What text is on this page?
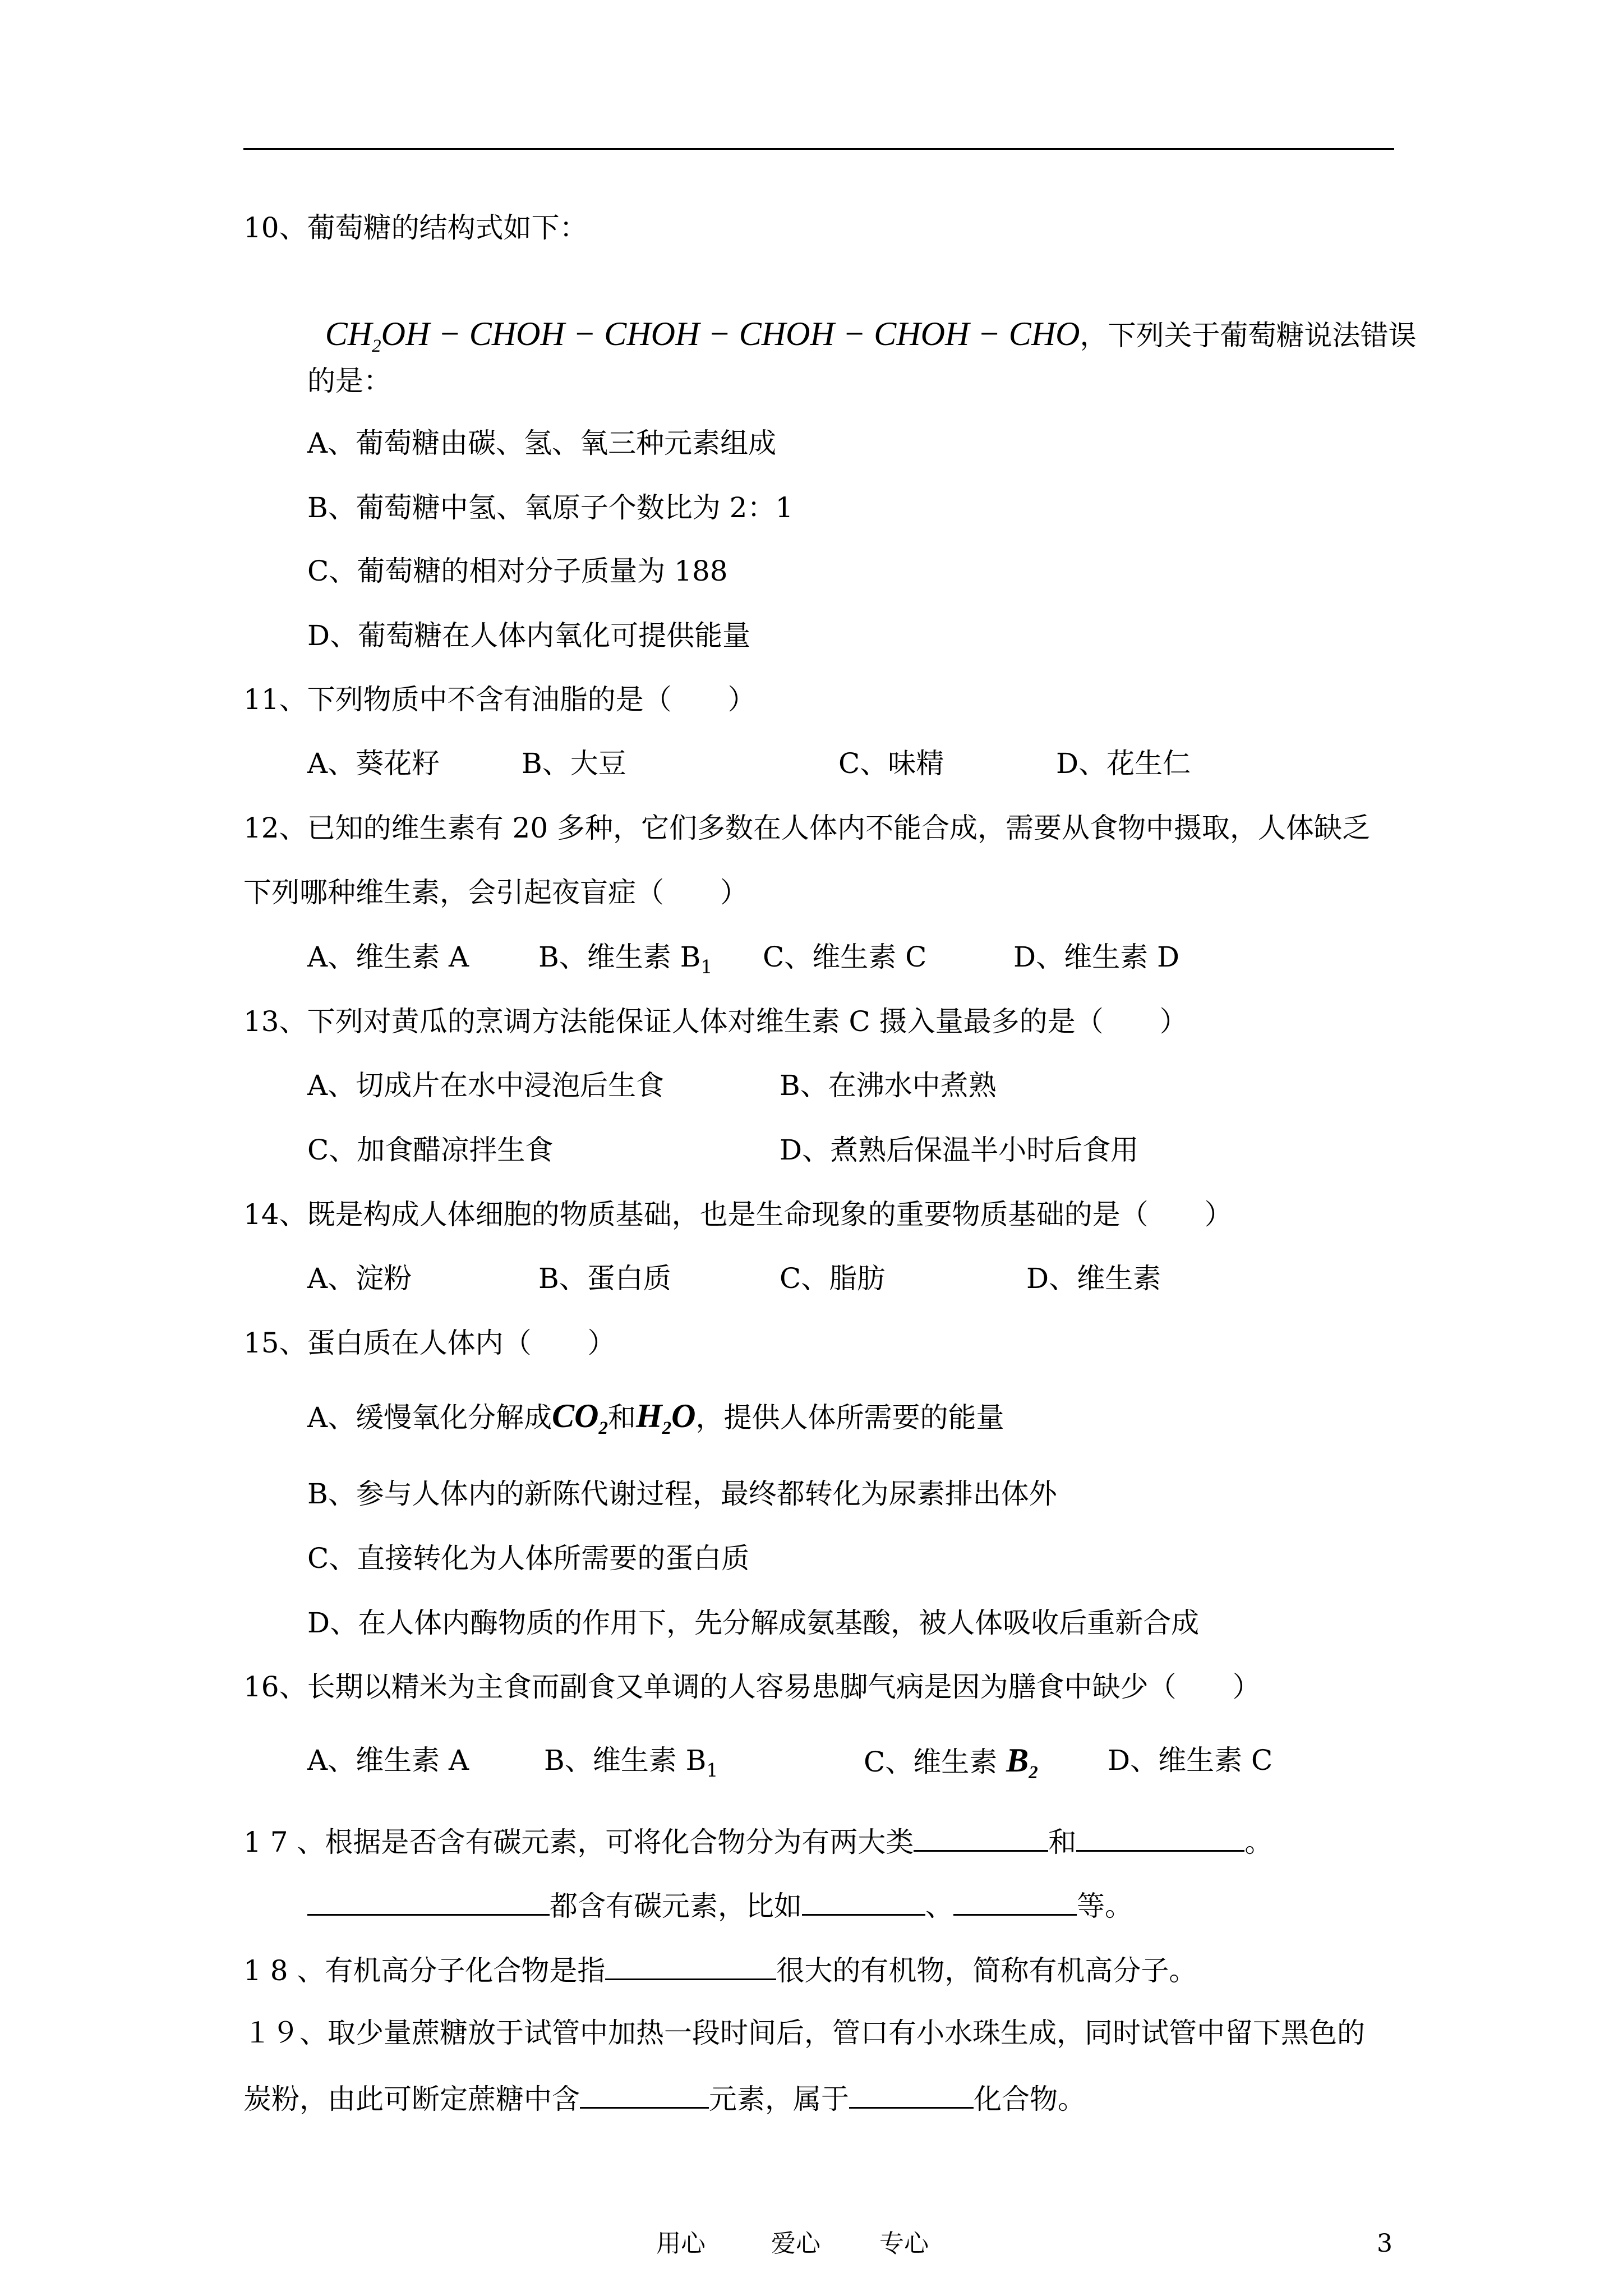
10、葡萄糖的结构式如下：

$CH_2OH$ − CHOH − CHOH − CHOH − CHOH − CHO，下列关于葡萄糖说法错误

的是：
A、葡萄糖由碳、氢、氧三种元素组成
B、葡萄糖中氢、氧原子个数比为 2：1
C、葡萄糖的相对分子质量为 188
D、葡萄糖在人体内氧化可提供能量
11、下列物质中不含有油脂的是（　　）
A、葵花籽	B、大豆	C、味精	D、花生仁
12、已知的维生素有 20 多种，它们多数在人体内不能合成，需要从食物中摄取，人体缺乏
下列哪种维生素，会引起夜盲症（　　）
A、维生素 A B、维生素 $B_1$ C、维生素 C	D、维生素 D
13、下列对黄瓜的烹调方法能保证人体对维生素 C 摄入量最多的是（　　）
A、切成片在水中浸泡后生食	B、在沸水中煮熟
C、加食醋凉拌生食	D、煮熟后保温半小时后食用
14、既是构成人体细胞的物质基础，也是生命现象的重要物质基础的是（　　）
A、淀粉	B、蛋白质	C、脂肪	D、维生素
15、蛋白质在人体内（　　）
A、缓慢氧化分解成$CO_2$和$H_2O$，提供人体所需要的能量
B、参与人体内的新陈代谢过程，最终都转化为尿素排出体外
C、直接转化为人体所需要的蛋白质
D、在人体内酶物质的作用下，先分解成氨基酸，被人体吸收后重新合成
16、长期以精米为主食而副食又单调的人容易患脚气病是因为膳食中缺少（　　）
A、维生素 A	B、维生素 $B_1$	C、维生素 $B_2$ D、维生素 C
1 7 、根据是否含有碳元素，可将化合物分为有两大类	和	。
都含有碳元素，比如	、	等。
1 8 、有机高分子化合物是指	很大的有机物，简称有机高分子。
１９、取少量蔗糖放于试管中加热一段时间后，管口有小水珠生成，同时试管中留下黑色的
炭粉，由此可断定蔗糖中含	元素，属于	化合物。
用心	爱心 专心	3
